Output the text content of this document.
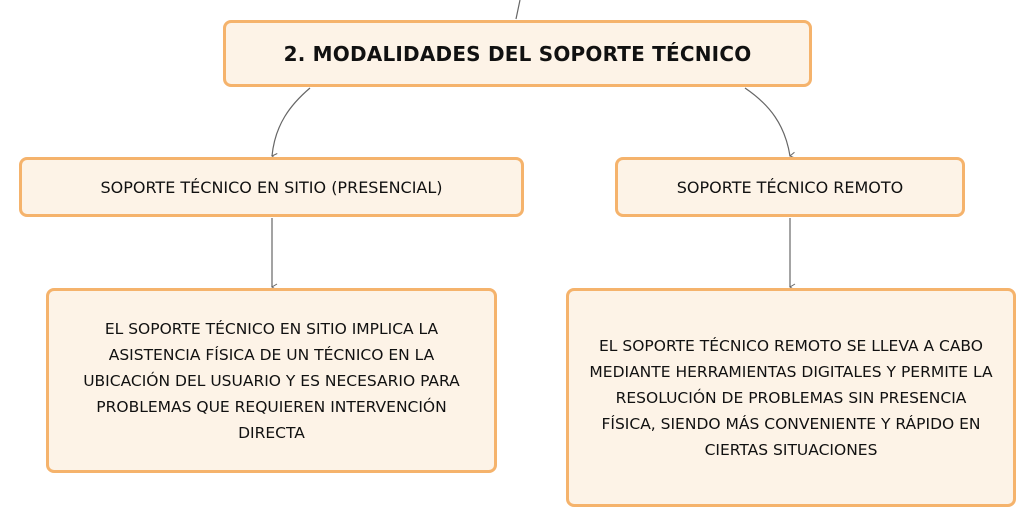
2. MODALIDADES DEL SOPORTE TÉCNICO
SOPORTE TÉCNICO EN SITIO (PRESENCIAL)	SOPORTE TÉCNICO REMOTO
EL SOPORTE TÉCNICO EN SITIO IMPLICA LA ASISTENCIA FÍSICA DE UN TÉCNICO EN LA UBICACIÓN DEL USUARIO Y ES NECESARIO PARA PROBLEMAS QUE REQUIEREN INTERVENCIÓN DIRECTA
EL SOPORTE TÉCNICO REMOTO SE LLEVA A CABO MEDIANTE HERRAMIENTAS DIGITALES Y PERMITE LA RESOLUCIÓN DE PROBLEMAS SIN PRESENCIA FÍSICA, SIENDO MÁS CONVENIENTE Y RÁPIDO EN CIERTAS SITUACIONES
